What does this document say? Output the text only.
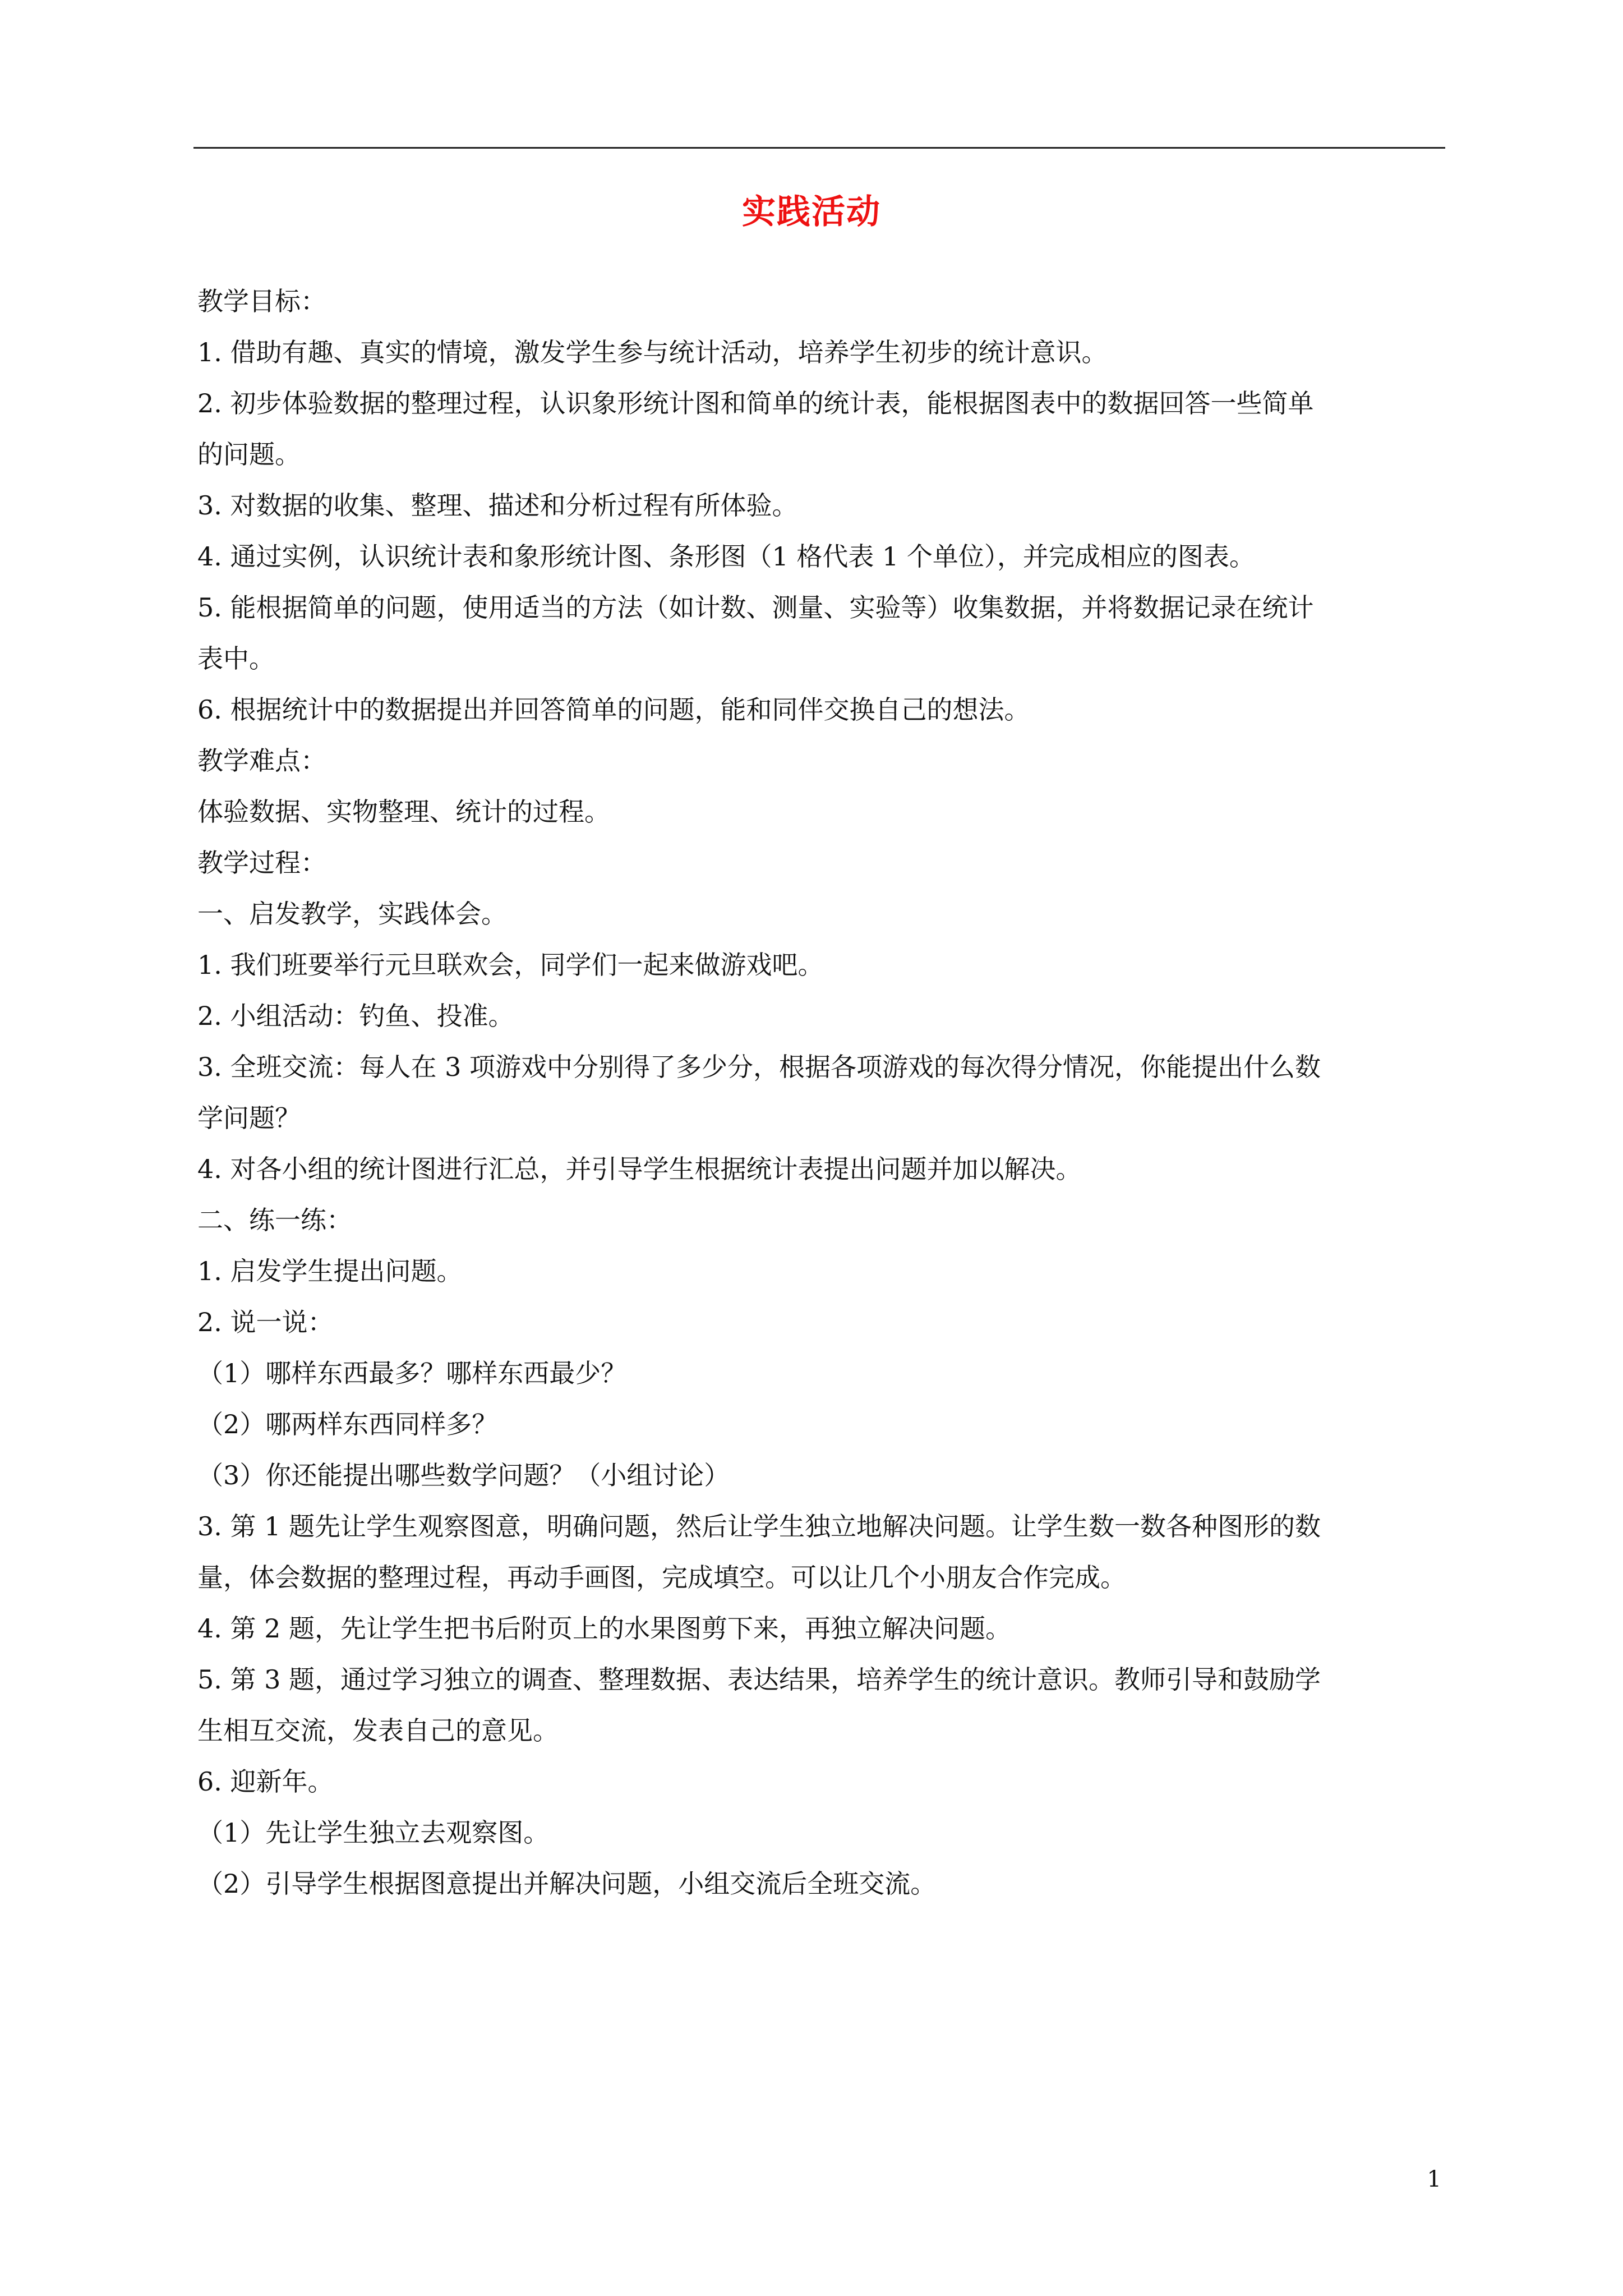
实践活动

教学目标：

1. 借助有趣、真实的情境，激发学生参与统计活动，培养学生初步的统计意识。

2. 初步体验数据的整理过程，认识象形统计图和简单的统计表，能根据图表中的数据回答一些简单

的问题。

3. 对数据的收集、整理、描述和分析过程有所体验。

4. 通过实例，认识统计表和象形统计图、条形图（1 格代表 1 个单位），并完成相应的图表。

5. 能根据简单的问题，使用适当的方法（如计数、测量、实验等）收集数据，并将数据记录在统计

表中。

6. 根据统计中的数据提出并回答简单的问题，能和同伴交换自己的想法。

教学难点：

体验数据、实物整理、统计的过程。

教学过程：

一、启发教学，实践体会。

1. 我们班要举行元旦联欢会，同学们一起来做游戏吧。

2. 小组活动：钓鱼、投准。

3. 全班交流：每人在 3 项游戏中分别得了多少分，根据各项游戏的每次得分情况，你能提出什么数

学问题？

4. 对各小组的统计图进行汇总，并引导学生根据统计表提出问题并加以解决。

二、练一练：

1. 启发学生提出问题。

2. 说一说：

（1）哪样东西最多？哪样东西最少？

（2）哪两样东西同样多？

（3）你还能提出哪些数学问题？（小组讨论）

3. 第 1 题先让学生观察图意，明确问题，然后让学生独立地解决问题。让学生数一数各种图形的数

量，体会数据的整理过程，再动手画图，完成填空。可以让几个小朋友合作完成。

4. 第 2 题，先让学生把书后附页上的水果图剪下来，再独立解决问题。

5. 第 3 题，通过学习独立的调查、整理数据、表达结果，培养学生的统计意识。教师引导和鼓励学

生相互交流，发表自己的意见。

6. 迎新年。

（1）先让学生独立去观察图。

（2）引导学生根据图意提出并解决问题，小组交流后全班交流。

1
